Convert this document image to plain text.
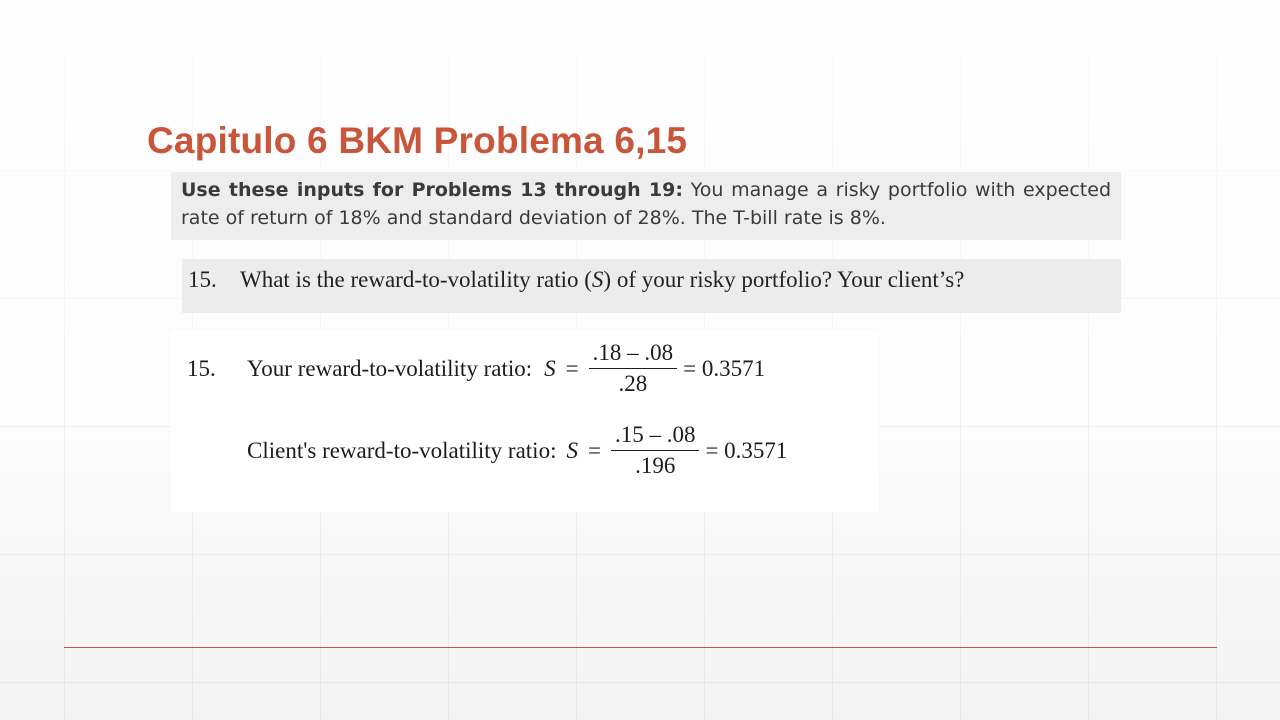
Capitulo 6 BKM Problema 6,15
Use these inputs for Problems 13 through 19: You manage a risky portfolio with expected rate of return of 18% and standard deviation of 28%. The T-bill rate is 8%.
15. What is the reward-to-volatility ratio (S) of your risky portfolio? Your client’s?
15.	Your reward-to-volatility ratio: $S = \frac{.18 - .08}{.28} = 0.3571$
Client's reward-to-volatility ratio: $S = \frac{.15 - .08}{.196} = 0.3571$
